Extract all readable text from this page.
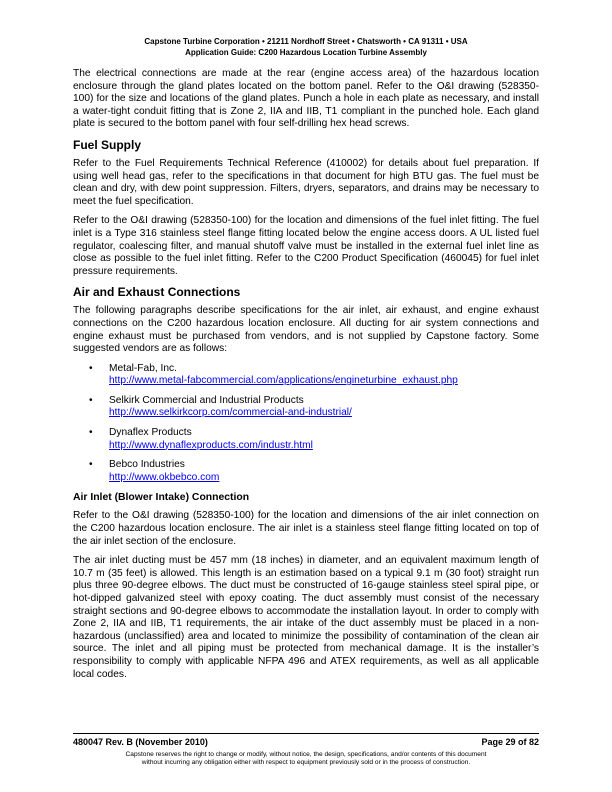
Capstone Turbine Corporation • 21211 Nordhoff Street • Chatsworth • CA 91311 • USA
Application Guide: C200 Hazardous Location Turbine Assembly

The electrical connections are made at the rear (engine access area) of the hazardous location enclosure through the gland plates located on the bottom panel. Refer to the O&I drawing (528350-100) for the size and locations of the gland plates. Punch a hole in each plate as necessary, and install a water-tight conduit fitting that is Zone 2, IIA and IIB, T1 compliant in the punched hole. Each gland plate is secured to the bottom panel with four self-drilling hex head screws.

Fuel Supply

Refer to the Fuel Requirements Technical Reference (410002) for details about fuel preparation. If using well head gas, refer to the specifications in that document for high BTU gas. The fuel must be clean and dry, with dew point suppression. Filters, dryers, separators, and drains may be necessary to meet the fuel specification.

Refer to the O&I drawing (528350-100) for the location and dimensions of the fuel inlet fitting. The fuel inlet is a Type 316 stainless steel flange fitting located below the engine access doors. A UL listed fuel regulator, coalescing filter, and manual shutoff valve must be installed in the external fuel inlet line as close as possible to the fuel inlet fitting. Refer to the C200 Product Specification (460045) for fuel inlet pressure requirements.

Air and Exhaust Connections

The following paragraphs describe specifications for the air inlet, air exhaust, and engine exhaust connections on the C200 hazardous location enclosure. All ducting for air system connections and engine exhaust must be purchased from vendors, and is not supplied by Capstone factory. Some suggested vendors are as follows:

• Metal-Fab, Inc.
http://www.metal-fabcommercial.com/applications/engineturbine_exhaust.php
• Selkirk Commercial and Industrial Products
http://www.selkirkcorp.com/commercial-and-industrial/
• Dynaflex Products
http://www.dynaflexproducts.com/industr.html
• Bebco Industries
http://www.okbebco.com
Air Inlet (Blower Intake) Connection

Refer to the O&I drawing (528350-100) for the location and dimensions of the air inlet connection on the C200 hazardous location enclosure. The air inlet is a stainless steel flange fitting located on top of the air inlet section of the enclosure.

The air inlet ducting must be 457 mm (18 inches) in diameter, and an equivalent maximum length of 10.7 m (35 feet) is allowed. This length is an estimation based on a typical 9.1 m (30 foot) straight run plus three 90-degree elbows. The duct must be constructed of 16-gauge stainless steel spiral pipe, or hot-dipped galvanized steel with epoxy coating. The duct assembly must consist of the necessary straight sections and 90-degree elbows to accommodate the installation layout. In order to comply with Zone 2, IIA and IIB, T1 requirements, the air intake of the duct assembly must be placed in a non-hazardous (unclassified) area and located to minimize the possibility of contamination of the clean air source. The inlet and all piping must be protected from mechanical damage. It is the installer’s responsibility to comply with applicable NFPA 496 and ATEX requirements, as well as all applicable local codes.

480047 Rev. B (November 2010)	Page 29 of 82
Capstone reserves the right to change or modify, without notice, the design, specifications, and/or contents of this document
without incurring any obligation either with respect to equipment previously sold or in the process of construction.
